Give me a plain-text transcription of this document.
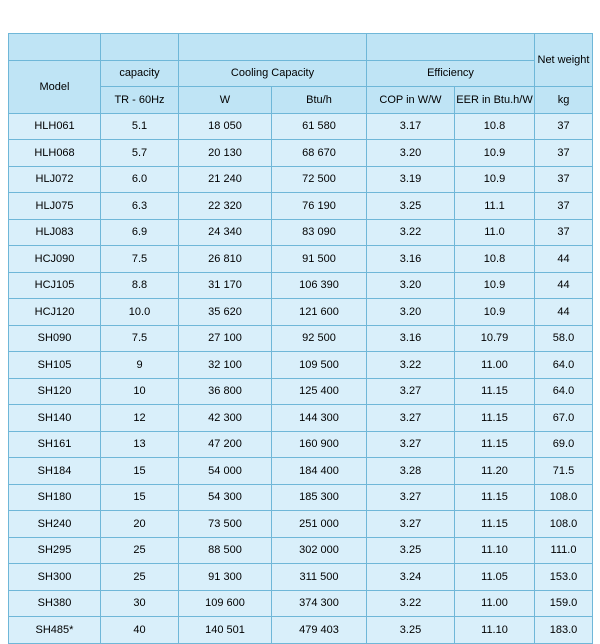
						Net weight
Model	capacity	Cooling Capacity		Efficiency		
	TR - 60Hz	W	Btu/h	COP in W/W	EER in Btu.h/W	kg
HLH061	5.1	18 050	61 580	3.17	10.8	37
HLH068	5.7	20 130	68 670	3.20	10.9	37
HLJ072	6.0	21 240	72 500	3.19	10.9	37
HLJ075	6.3	22 320	76 190	3.25	11.1	37
HLJ083	6.9	24 340	83 090	3.22	11.0	37
HCJ090	7.5	26 810	91 500	3.16	10.8	44
HCJ105	8.8	31 170	106 390	3.20	10.9	44
HCJ120	10.0	35 620	121 600	3.20	10.9	44
SH090	7.5	27 100	92 500	3.16	10.79	58.0
SH105	9	32 100	109 500	3.22	11.00	64.0
SH120	10	36 800	125 400	3.27	11.15	64.0
SH140	12	42 300	144 300	3.27	11.15	67.0
SH161	13	47 200	160 900	3.27	11.15	69.0
SH184	15	54 000	184 400	3.28	11.20	71.5
SH180	15	54 300	185 300	3.27	11.15	108.0
SH240	20	73 500	251 000	3.27	11.15	108.0
SH295	25	88 500	302 000	3.25	11.10	111.0
SH300	25	91 300	311 500	3.24	11.05	153.0
SH380	30	109 600	374 300	3.22	11.00	159.0
SH485*	40	140 501	479 403	3.25	11.10	183.0
